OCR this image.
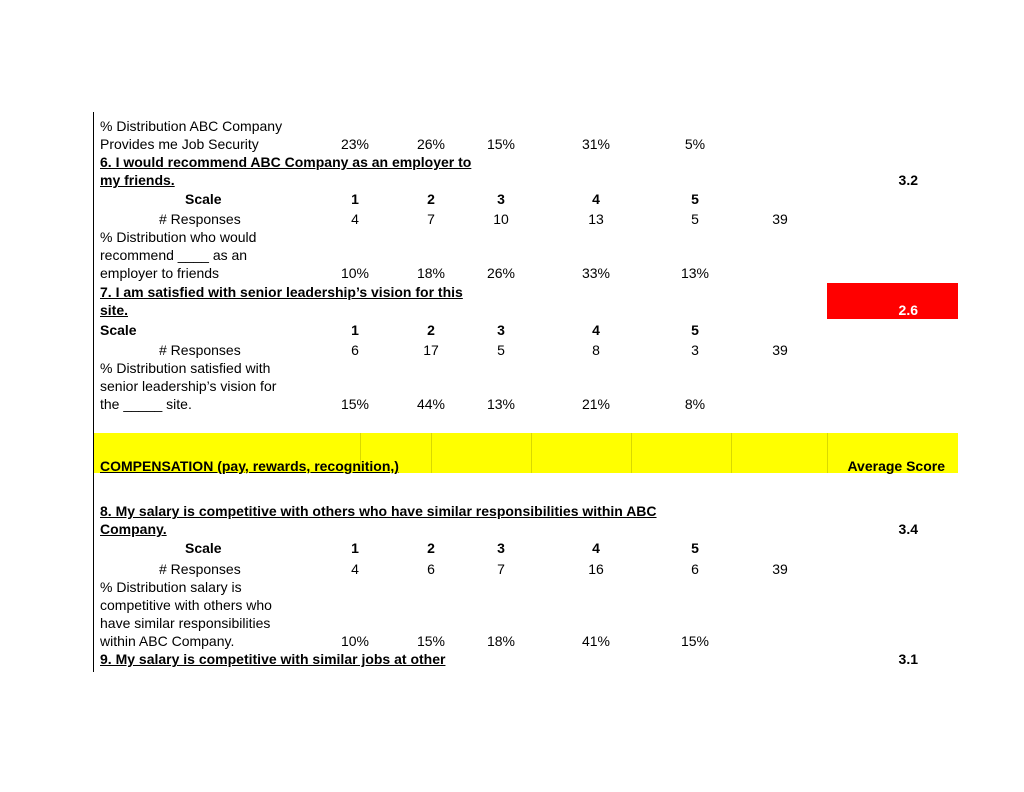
% Distribution ABC Company
Provides me Job Security	23%	26%	15%	31%	5%
6. I would recommend ABC Company as an employer to
my friends.	3.2
Scale	1	2	3	4	5
# Responses	4	7	10	13	5	39
% Distribution who would
recommend ____ as an
employer to friends	10%	18%	26%	33%	13%
7. I am satisfied with senior leadership’s vision for this
site.	2.6
Scale	1	2	3	4	5
# Responses	6	17	5	8	3	39
% Distribution satisfied with
senior leadership’s vision for
the _____ site.	15%	44%	13%	21%	8%
COMPENSATION (pay, rewards, recognition,)	Average Score
8. My salary is competitive with others who have similar responsibilities within ABC
Company.	3.4
Scale	1	2	3	4	5
# Responses	4	6	7	16	6	39
% Distribution salary is
competitive with others who
have similar responsibilities
within ABC Company.	10%	15%	18%	41%	15%
9. My salary is competitive with similar jobs at other	3.1
